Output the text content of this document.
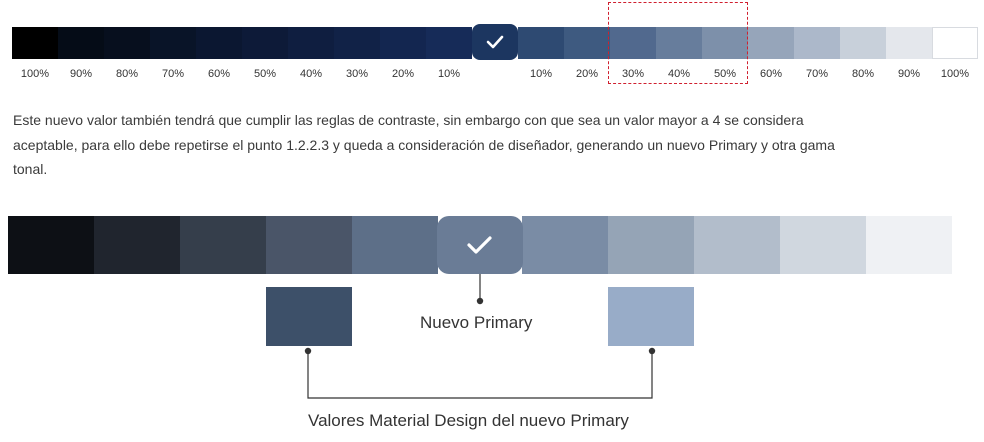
100%	90%	80%	70%	60%	50%	40%	30%	20%	10%	10%	20%	30%	40%	50%	60%	70%	80%	90%	100%
Este nuevo valor también tendrá que cumplir las reglas de contraste, sin embargo con que sea un valor mayor a 4 se considera aceptable, para ello debe repetirse el punto 1.2.2.3 y queda a consideración de diseñador, generando un nuevo Primary y otra gama tonal.
Nuevo Primary
Valores Material Design del nuevo Primary
